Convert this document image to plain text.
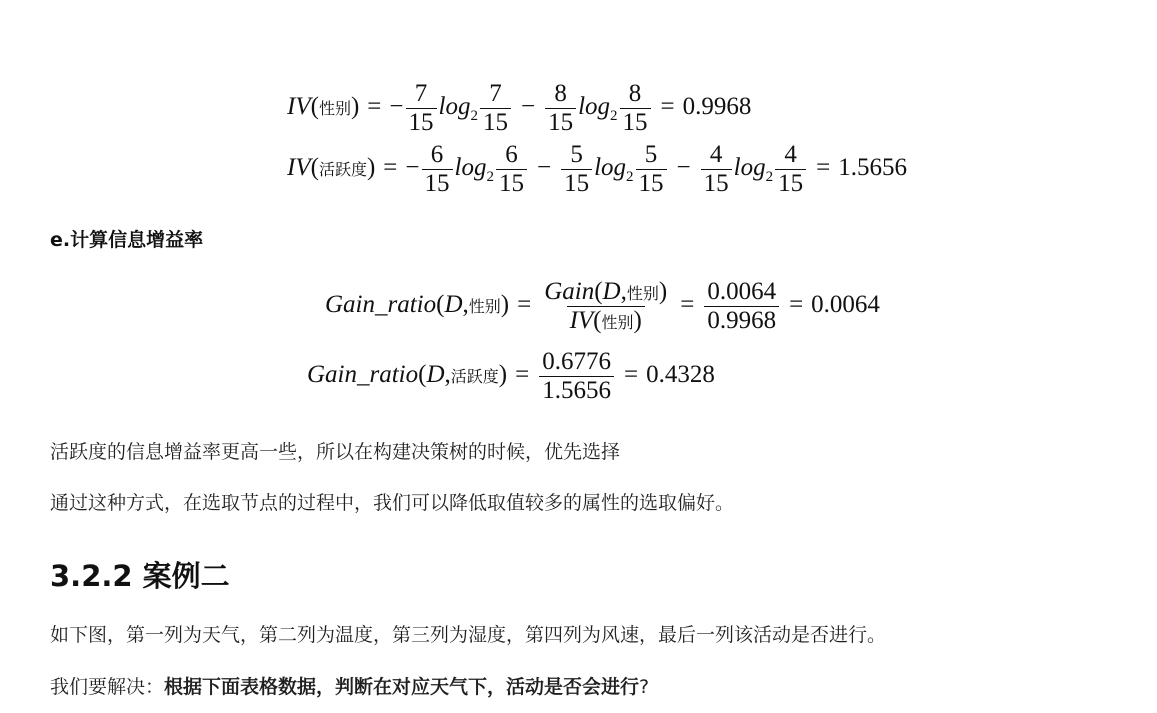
IV(性别) = − $\frac{7}{15} \log_2 \frac{7}{15} - \frac{8}{15} \log_2 \frac{8}{15} = 0.9968$
IV(活跃度) = − $\frac{6}{15} \log_2 \frac{6}{15} - \frac{5}{15} \log_2 \frac{5}{15} - \frac{4}{15} \log_2 \frac{4}{15} = 1.5656$
e.计算信息增益率
Gain_ratio(D,性别) = $\frac{\text{Gain(D,性别)}}{\text{IV(性别)}} = \frac{0.0064}{0.9968} = 0.0064$
Gain_ratio(D,活跃度) = $\frac{0.6776}{1.5656} = 0.4328$
活跃度的信息增益率更高一些，所以在构建决策树的时候，优先选择
通过这种方式，在选取节点的过程中，我们可以降低取值较多的属性的选取偏好。
3.2.2 案例二
如下图，第一列为天气，第二列为温度，第三列为湿度，第四列为风速，最后一列该活动是否进行。
我们要解决：根据下面表格数据，判断在对应天气下，活动是否会进行?
